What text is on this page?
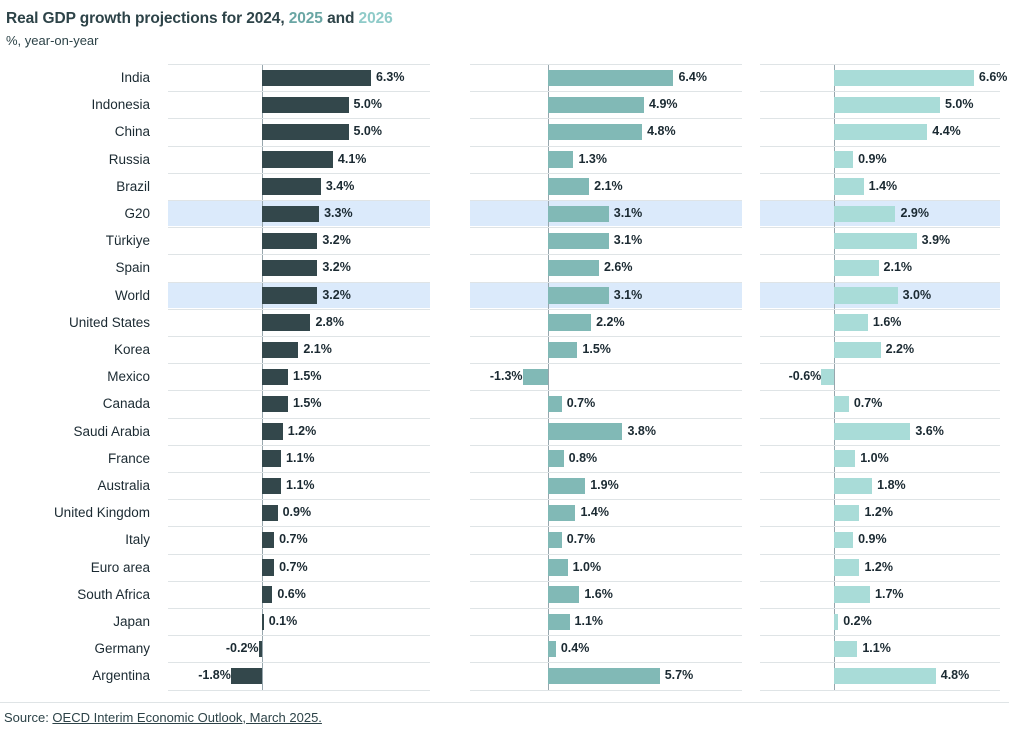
Real GDP growth projections for 2024, 2025 and 2026
%, year-on-year
India	6.3%	6.4%	6.6%
Indonesia	5.0%	4.9%	5.0%
China	5.0%	4.8%	4.4%
Russia	4.1%	1.3%	0.9%
Brazil	3.4%	2.1%	1.4%
G20	3.3%	3.1%	2.9%
Türkiye	3.2%	3.1%	3.9%
Spain	3.2%	2.6%	2.1%
World	3.2%	3.1%	3.0%
United States	2.8%	2.2%	1.6%
Korea	2.1%	1.5%	2.2%
Mexico	1.5%	-1.3%	-0.6%
Canada	1.5%	0.7%	0.7%
Saudi Arabia	1.2%	3.8%	3.6%
France	1.1%	0.8%	1.0%
Australia	1.1%	1.9%	1.8%
United Kingdom	0.9%	1.4%	1.2%
Italy	0.7%	0.7%	0.9%
Euro area	0.7%	1.0%	1.2%
South Africa	0.6%	1.6%	1.7%
Japan	0.1%	1.1%	0.2%
Germany	-0.2%	0.4%	1.1%
Argentina	-1.8%	5.7%	4.8%
Source: OECD Interim Economic Outlook, March 2025.
